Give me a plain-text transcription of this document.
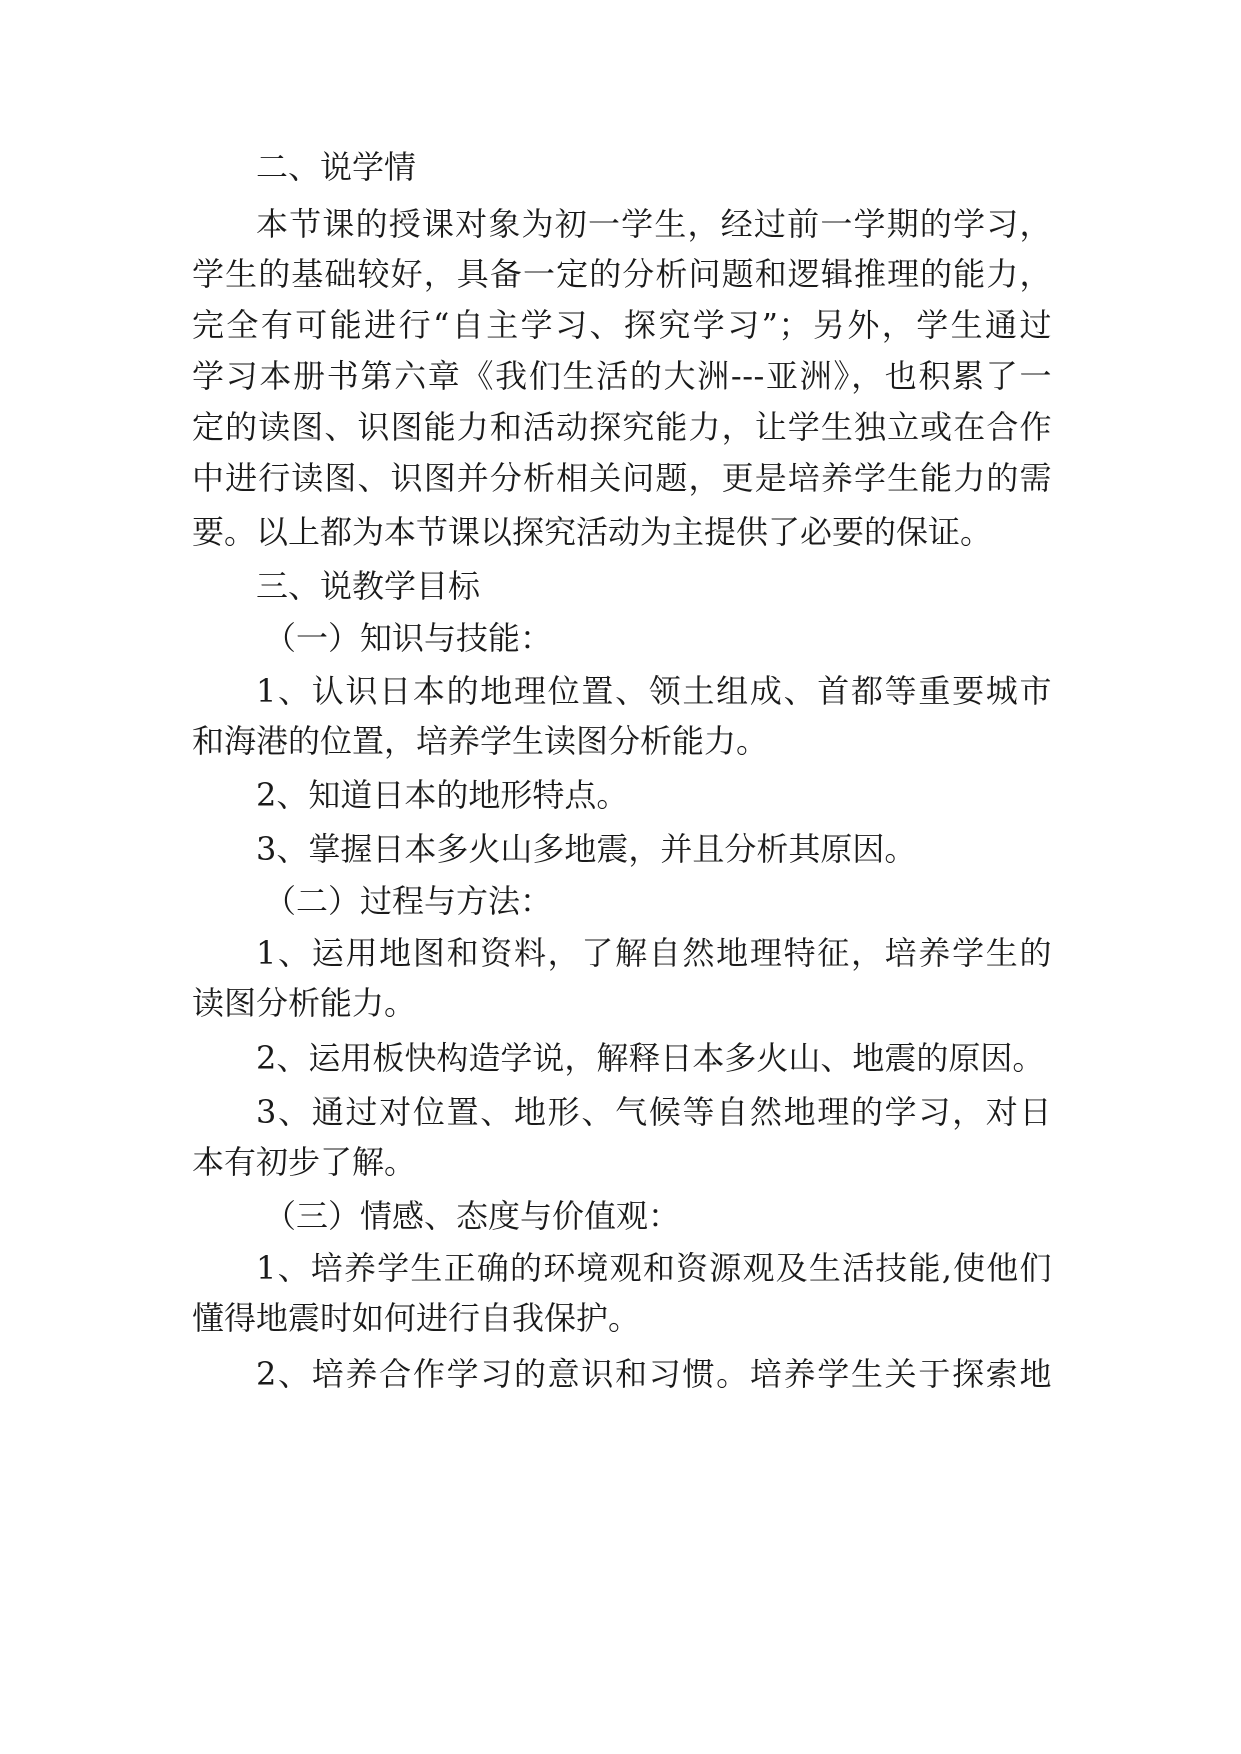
二、说学情
本节课的授课对象为初一学生，经过前一学期的学习，
学生的基础较好，具备一定的分析问题和逻辑推理的能力，
完全有可能进行“自主学习、探究学习”；另外，学生通过
学习本册书第六章《我们生活的大洲---亚洲》，也积累了一
定的读图、识图能力和活动探究能力，让学生独立或在合作
中进行读图、识图并分析相关问题，更是培养学生能力的需
要。以上都为本节课以探究活动为主提供了必要的保证。
三、说教学目标
（一）知识与技能：
1、认识日本的地理位置、领土组成、首都等重要城市
和海港的位置，培养学生读图分析能力。
2、知道日本的地形特点。
3、掌握日本多火山多地震，并且分析其原因。
（二）过程与方法：
1、运用地图和资料，了解自然地理特征，培养学生的
读图分析能力。
2、运用板快构造学说，解释日本多火山、地震的原因。
3、通过对位置、地形、气候等自然地理的学习，对日
本有初步了解。
（三）情感、态度与价值观：
1、培养学生正确的环境观和资源观及生活技能,使他们
懂得地震时如何进行自我保护。
2、培养合作学习的意识和习惯。培养学生关于探索地
